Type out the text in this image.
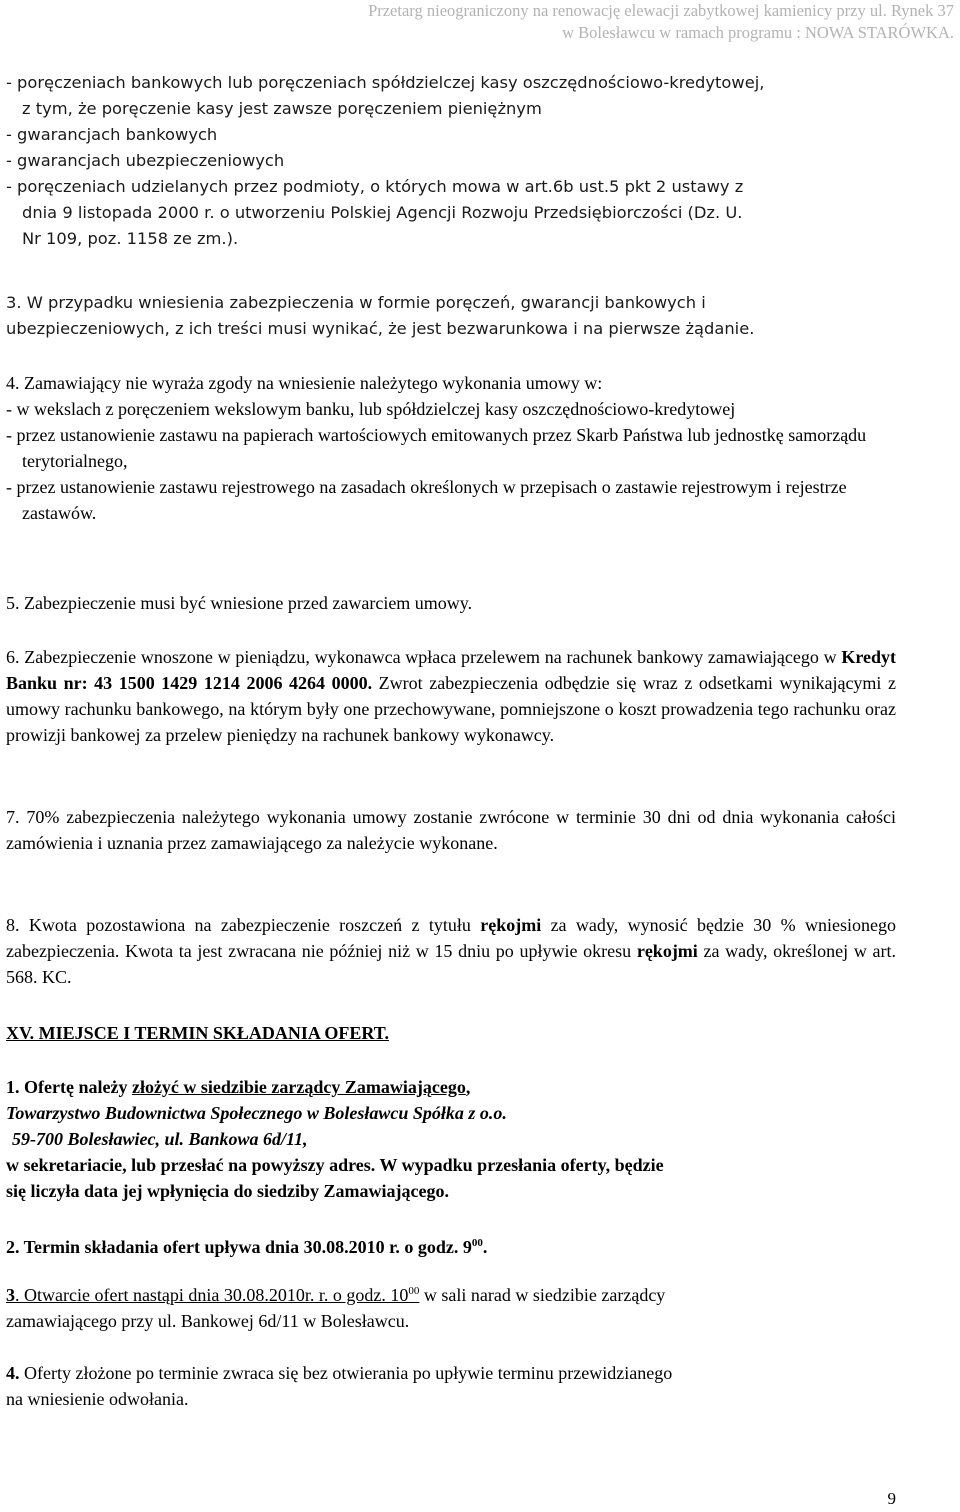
Przetarg nieograniczony na renowację elewacji zabytkowej kamienicy przy ul. Rynek 37
w Bolesławcu w ramach programu : NOWA STARÓWKA.
- poręczeniach bankowych lub poręczeniach spółdzielczej kasy oszczędnościowo-kredytowej,
z tym, że poręczenie kasy jest zawsze poręczeniem pieniężnym
- gwarancjach bankowych
- gwarancjach ubezpieczeniowych
- poręczeniach udzielanych przez podmioty, o których mowa w art.6b ust.5 pkt 2 ustawy z
dnia 9 listopada 2000 r. o utworzeniu Polskiej Agencji Rozwoju Przedsiębiorczości (Dz. U.
Nr 109, poz. 1158 ze zm.).
3. W przypadku wniesienia zabezpieczenia w formie poręczeń, gwarancji bankowych i
ubezpieczeniowych, z ich treści musi wynikać, że jest bezwarunkowa i na pierwsze żądanie.
4. Zamawiający nie wyraża zgody na wniesienie należytego wykonania umowy w:
- w wekslach z poręczeniem wekslowym banku, lub spółdzielczej kasy oszczędnościowo-kredytowej
- przez ustanowienie zastawu na papierach wartościowych emitowanych przez Skarb Państwa lub jednostkę samorządu terytorialnego,
- przez ustanowienie zastawu rejestrowego na zasadach określonych w przepisach o zastawie rejestrowym i rejestrze zastawów.
5. Zabezpieczenie musi być wniesione przed zawarciem umowy.
6. Zabezpieczenie wnoszone w pieniądzu, wykonawca wpłaca przelewem na rachunek bankowy zamawiającego w Kredyt Banku nr: 43 1500 1429 1214 2006 4264 0000. Zwrot zabezpieczenia odbędzie się wraz z odsetkami wynikającymi z umowy rachunku bankowego, na którym były one przechowywane, pomniejszone o koszt prowadzenia tego rachunku oraz prowizji bankowej za przelew pieniędzy na rachunek bankowy wykonawcy.
7. 70% zabezpieczenia należytego wykonania umowy zostanie zwrócone w terminie 30 dni od dnia wykonania całości zamówienia i uznania przez zamawiającego za należycie wykonane.
8. Kwota pozostawiona na zabezpieczenie roszczeń z tytułu rękojmi za wady, wynosić będzie 30 % wniesionego zabezpieczenia. Kwota ta jest zwracana nie później niż w 15 dniu po upływie okresu rękojmi za wady, określonej w art. 568. KC.
XV. MIEJSCE I TERMIN SKŁADANIA OFERT.
1. Ofertę należy złożyć w siedzibie zarządcy Zamawiającego,
Towarzystwo Budownictwa Społecznego w Bolesławcu Spółka z o.o.
59-700 Bolesławiec, ul. Bankowa 6d/11,
w sekretariacie, lub przesłać na powyższy adres. W wypadku przesłania oferty, będzie
się liczyła data jej wpłynięcia do siedziby Zamawiającego.
2. Termin składania ofert upływa dnia 30.08.2010 r. o godz. $9^{00}$.
3. Otwarcie ofert nastąpi dnia 30.08.2010r. r. o godz. $10^{00}$ w sali narad w siedzibie zarządcy
zamawiającego przy ul. Bankowej 6d/11 w Bolesławcu.
4. Oferty złożone po terminie zwraca się bez otwierania po upływie terminu przewidzianego
na wniesienie odwołania.
9
